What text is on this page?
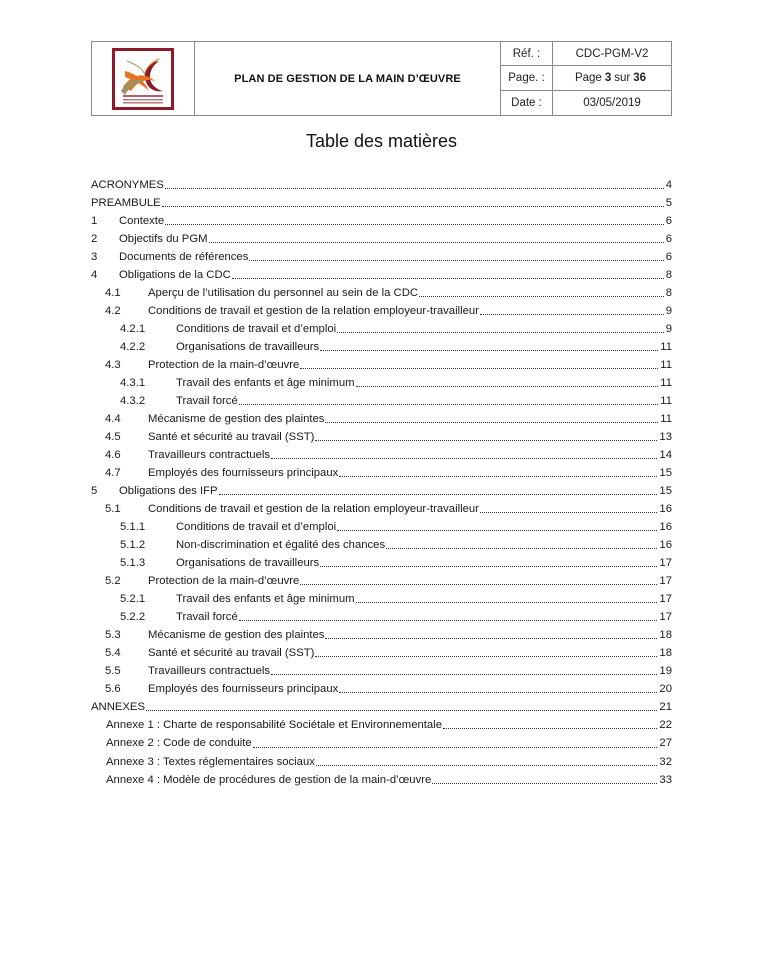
PLAN DE GESTION DE LA MAIN D’ŒUVRE
Réf. :	CDC-PGM-V2
Page. :	Page 3 sur 36
Date :	03/05/2019
Table des matières
ACRONYMES	4
PREAMBULE	5
1 Contexte	6
2 Objectifs du PGM	6
3 Documents de références	6
4 Obligations de la CDC	8
4.1 Aperçu de l’utilisation du personnel au sein de la CDC	8
4.2 Conditions de travail et gestion de la relation employeur-travailleur	9
4.2.1	Conditions de travail et d’emploi	9
4.2.2	Organisations de travailleurs	11
4.3 Protection de la main-d’œuvre	11
4.3.1	Travail des enfants et âge minimum	11
4.3.2	Travail forcé	11
4.4 Mécanisme de gestion des plaintes	11
4.5 Santé et sécurité au travail (SST)	13
4.6 Travailleurs contractuels	14
4.7 Employés des fournisseurs principaux	15
5 Obligations des IFP	15
5.1 Conditions de travail et gestion de la relation employeur-travailleur	16
5.1.1	Conditions de travail et d’emploi	16
5.1.2	Non-discrimination et égalité des chances	16
5.1.3	Organisations de travailleurs	17
5.2 Protection de la main-d’œuvre	17
5.2.1	Travail des enfants et âge minimum	17
5.2.2	Travail forcé	17
5.3 Mécanisme de gestion des plaintes	18
5.4 Santé et sécurité au travail (SST)	18
5.5 Travailleurs contractuels	19
5.6 Employés des fournisseurs principaux	20
ANNEXES	21
Annexe 1 : Charte de responsabilité Sociétale et Environnementale	22
Annexe 2 : Code de conduite	27
Annexe 3 : Textes réglementaires sociaux	32
Annexe 4 : Modèle de procédures de gestion de la main-d’œuvre	33
